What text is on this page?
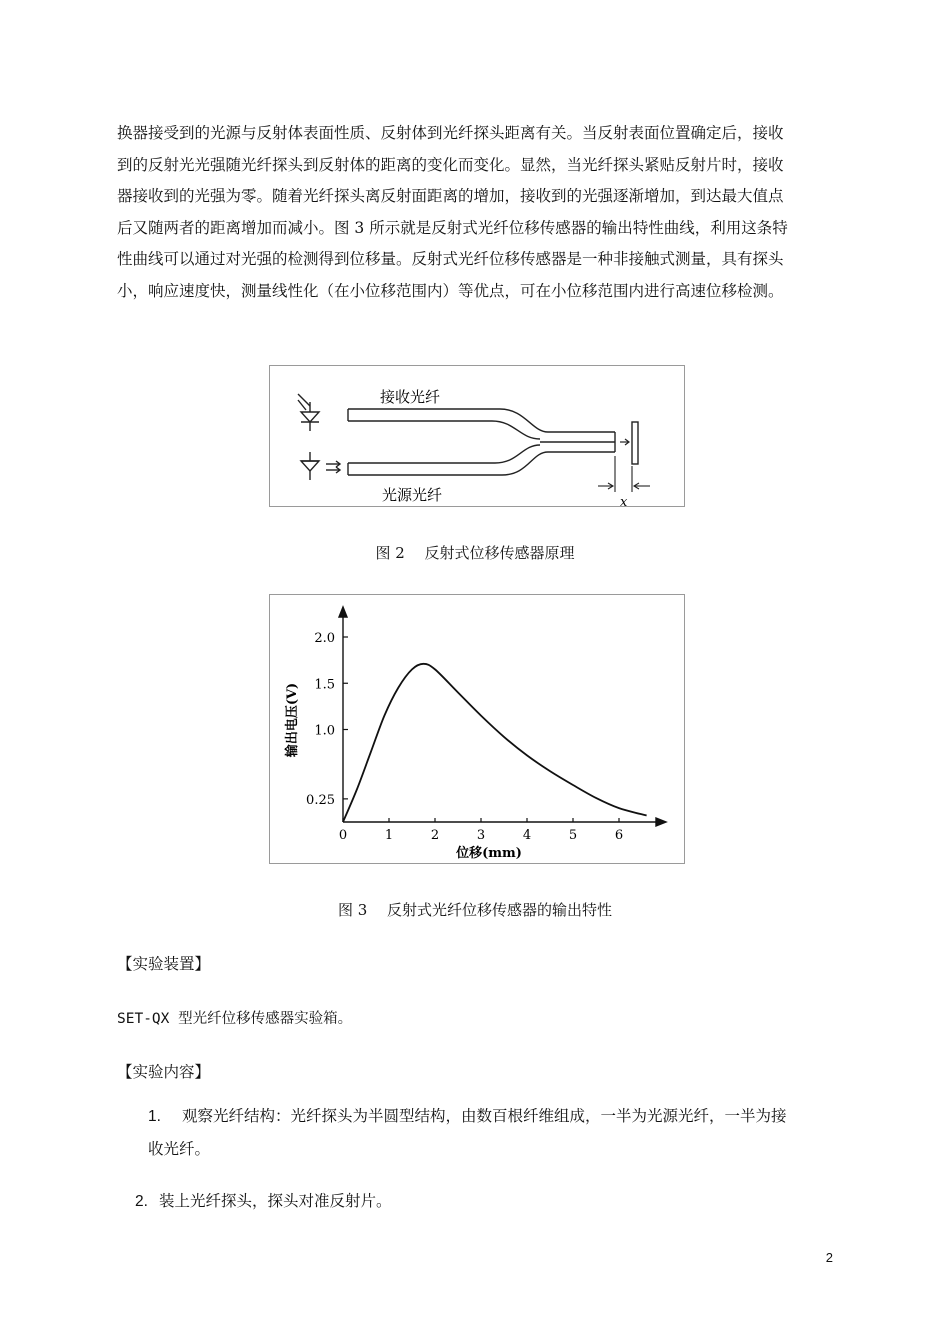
换器接受到的光源与反射体表面性质、反射体到光纤探头距离有关。当反射表面位置确定后，接收
到的反射光光强随光纤探头到反射体的距离的变化而变化。显然，当光纤探头紧贴反射片时，接收
器接收到的光强为零。随着光纤探头离反射面距离的增加，接收到的光强逐渐增加，到达最大值点
后又随两者的距离增加而减小。图 3 所示就是反射式光纤位移传感器的输出特性曲线，利用这条特
性曲线可以通过对光强的检测得到位移量。反射式光纤位移传感器是一种非接触式测量，具有探头
小，响应速度快，测量线性化（在小位移范围内）等优点，可在小位移范围内进行高速位移检测。
接收光纤
光源光纤	x
图 2　 反射式位移传感器原理
0	1	2	3	4	5	6
0.25
1.0
1.5
2.0
输出电压(V)
位移(mm)
图 3　 反射式光纤位移传感器的输出特性
【实验装置】
SET-QX 型光纤位移传感器实验箱。
【实验内容】
1. 观察光纤结构：光纤探头为半圆型结构，由数百根纤维组成，一半为光源光纤，一半为接
收光纤。
2. 装上光纤探头，探头对准反射片。
2
